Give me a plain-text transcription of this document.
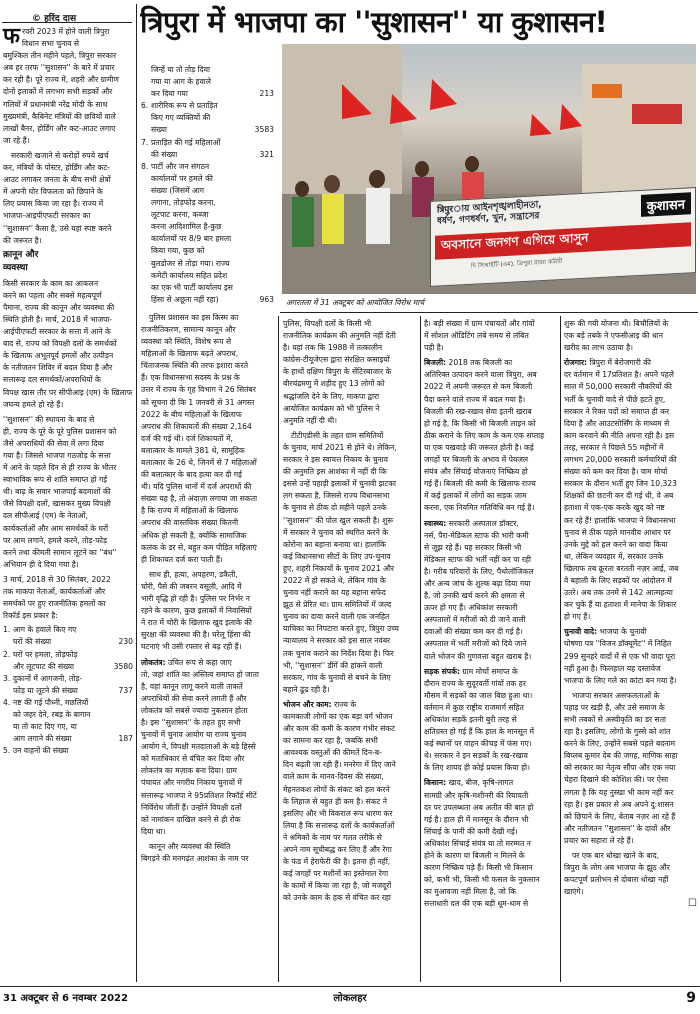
© हरिंद दास	त्रिपुरा में भाजपा का ''सुशासन'' या कुशासन!
त्रिपुरায় আইনশৃঙ্খলাহীনতা,
ধর্ষণ, গণধর্ষণ, খুন, সন্ত্রাসের
कुशासन
অবসানে জনগণ এগিয়ে আসুন
দি সিআইটি (এম), ত্রিপুরা রাজ্য কমিটি
अगरतला में 31 अक्टूबर को आयोजित विरोध मार्च

फरवरी 2023 में होने वाली त्रिपुरा
विधान सभा चुनाव से
बमुश्किल तीन महीने पहले, त्रिपुरा सरकार
अब हर तरफ ''सुशासन'' के बारे में प्रचार
कर रही है। पूरे राज्य में, शहरी और ग्रामीण
दोनों इलाकों में लगभग सभी सड़कों और
गलियों में प्रधानमंत्री नरेंद्र मोदी के साथ
मुख्यमंत्री, कैबिनेट मंत्रियों की छवियों वाले
लाखों बैनर, होर्डिंग और कट-आउट लगाए
जा रहे हैं।

सरकारी खजाने से करोड़ों रुपये खर्च
कर, मंत्रियों के पोस्टर, होर्डिंग और कट-
आउट लगाकर जनता के बीच सभी क्षेत्रों
में अपनी घोर विफलता को छिपाने के
लिए प्रयास किया जा रहा है। राज्य में
भाजपा-आइपीएफटी सरकार का
''सुशासन'' कैसा है, उसे यहां स्पष्ट करने
की जरूरत है।

क़ानून और
व्यवस्था

किसी सरकार के काम का आकलन
करने का पहला और सबसे महत्वपूर्ण
पैमाना, राज्य की कानून और व्यवस्था की
स्थिति होती है। मार्च, 2018 में भाजपा-
आईपीएफटी सरकार के सत्ता में आने के
बाद से, राज्य को विपक्षी दलों के समर्थकों
के खिलाफ अभूतपूर्व हमलों और उत्पीड़न
के नतीजतन शिविर में बदल दिया है और
सत्तारूढ़ दल समर्थकों/अपराधियों के
विपक्ष खास तौर पर सीपीआइ (एम) के खिलाफ
जघन्य हमले हो रहे हैं।

''सुशासन'' की स्थापना के बाद से
ही, राज्य के पूरे के पूरे पुलिस प्रशासन को
जैसे अपराधियों की सेवा में लगा दिया
गया है। जिससे भाजपा गठजोड़ के सत्ता
में आने के पहले दिन से ही राज्य के भीतर
स्वाभाविक रूप से शांति समाप्त हो गई
थी। बाढ़ के सवार भाजपाई बदमाशों की
जैसे विपक्षी दलों, खासकर मुख्य विपक्षी
दल सीपीआई (एम) के नेताओं,
कार्यकर्ताओं और आम समर्थकों के घरों
पर आम लगाने, हमले करने, तोड़-फोड़
करने तथा कीमती सामान लूटने का ''बंध''
अभियान ही दे दिया गया है।

3 मार्च, 2018 से 30 सितंबर, 2022
तक माकपा नेताओं, कार्यकर्ताओं और
समर्थकों पर हुए राजनीतिक हमलों का
रिकॉर्ड इस प्रकार है:

1. आग के हवाले किए गए
घरों की संख्या	230
2. घरों पर हमला, तोड़फोड़
और लूटपाट की संख्या	3580
3. दुकानों में आगजनी, तोड़-
फोड़ या लूटने की संख्या	737
4. नष्ट की गई पौध्नी, मछलियों
को जहर देने, रबड़ के बागान
या तो काट दिए गए, या
आग लगाने की संख्या	187
5. उन वाहनों की संख्या
जिन्हें या तो तोड़ दिया
गया या आग के हवाले
कर दिया गया	213
6. शारीरिक रूप से प्रताड़ित
किए गए व्यक्तियों की
संख्या	3583
7. प्रताड़ित की गई महिलाओं
की संख्या	321
8. पार्टी और जन संगठन
कार्यालयों पर हमले की
संख्या (जिसमें आग
लगाना, तोड़फोड़ करना,
लूटपाट करना, कब्जा
करना आदिशामिल है-कुछ
कार्यालयों पर 8/9 बार हमला
किया गया, कुछ को
बुलडोजर से तोड़ा गया। राज्य
कमेटी कार्यालय सहित प्रदेश
का एक भी पार्टी कार्यालय इस
हिंसा से अछूता नहीं रहा)	963

पुलिस प्रशासन का इस किस्म का
राजनीतिकरण, सामान्य कानून और
व्यवस्था को स्थिति, विशेष रूप से
महिलाओं के खिलाफ बढ़ते अपराध,
चिंताजनक स्थिति की तरफ इशारा करते
हैं। एक विधानसभा सदस्य के प्रश्न के
उत्तर में राज्य के गृह विभाग ने 26 सितंबर
को सूचना दी कि 1 जनवरी से 31 अगस्त
2022 के बीच महिलाओं के खिलाफ
अपराध की शिकायतों की संख्या 2,164
दर्ज की गई थी। दर्ज शिकायतों में,
बलात्कार के मामले 381 थे, सामूहिक
बलात्कार के 26 थे, जिनमें से 7 महिलाओं
की बलात्कार के बाद हत्या कर दी गई
थी। यदि पुलिस थानों में दर्ज अपराधों की
संख्या यह है, तो अंदाज़ा लगाया जा सकता
है कि राज्य में महिलाओं के खिलाफ
अपराध की वास्तविक संख्या कितनी
अधिक हो सकती है, क्योंकि सामाजिक
कलंक के डर से, बहुत कम पीड़ित महिलाएं
ही शिकायत दर्ज करा पाती हैं।

साथ ही, हत्या, अपहरण, डकैती,
चोरी, पैसे की जबरन वसूली, आदि में
भारी वृद्धि हो रही है। पुलिस पर निर्भर न
रहने के कारण, कुछ इलाकों में निवासियों
ने रात में चोरी के खिलाफ खुद इलाके की
सुरक्षा की व्यवस्था की है। घरेलू हिंसा की
घटनाएं भी उसी रफ्तार से बढ़ रही हैं।

लोकतंत्र: उचित रूप से कहा जाए
तो, जहां शांति का अस्तित्व समाप्त हो जाता
है, वहां कानून लागू करने वाली ताकतें
अपराधियों की सेवा करने लगती हैं और
लोकतंत्र को सबसे ज्यादा नुकसान होता
है। इस ''सुशासन'' के तहत हुए सभी
चुनावों में चुनाव आयोग या राज्य चुनाव
आयोग ने, विपक्षी मतदाताओं के बड़े हिस्से
को मताधिकार से वंचित कर दिया और
लोकतंत्र का मज़ाक बना दिया। ग्राम
पंचायत और नगरीय निकाय चुनावों में
सत्तारूढ़ भाजपा ने 95प्रतिशत रिकॉर्ड सीटें
निर्विरोध जीतीं हैं। उन्होंने विपक्षी दलों
को नामांकन दाखिल करने से ही रोक
दिया था।

कानून और व्यवस्था की स्थिति
बिगड़ने की मनगढ़ंत आशंका के नाम पर

पुलिस, विपक्षी दलों के किसी भी
राजनीतिक कार्यक्रम की अनुमति नहीं देती
है। यहां तक कि 1988 में तत्कालीन
कांग्रेस-टीयूजेएस द्वारा संरक्षित कसाइयों
के हाथों दक्षिण त्रिपुरा के सेंटिरबाजार के
बीरचंद्रमणु में शहीद हुए 13 लोगों को
श्रद्धांजलि देने के लिए, माकपा द्वारा
आयोजित कार्यक्रम को भी पुलिस ने
अनुमति नहीं दी थी।

टीटीएडीसी के तहत ग्राम समितियों
के चुनाव, मार्च 2021 से होने थे। लेकिन,
सरकार ने इस स्वायत्त निकाय के चुनाव
की अनुमति इस आशंका में नहीं दी कि
इससे उन्हें पहाड़ी इलाकों में चुनावी झटका
लग सकता है, जिससे राज्य विधानसभा
के चुनाव से ठीक दो महीने पहले उनके
''सुशासन'' की पोल खुल सकती है। शुरू
में सरकार ने चुनाव को स्थगित करने के
कोरोना का बहाना बनाया था। हालांकि
कई विधानसभा सीटों के लिए उप-चुनाव
हुए, शहरी निकायों के चुनाव 2021 और
2022 में हो सकते थे, लेकिन गांव के
चुनाव नहीं कराने का यह बहाना सफेद
झूठ से प्रेरित था। ग्राम समितियों में जल्द
चुनाव का दावा करने वाली एक जनहित
याचिका का निपटारा करते हुए, त्रिपुरा उच्च
न्यायालय ने सरकार को इस साल नवंबर
तक चुनाव कराने का निर्देश दिया है। फिर
भी, ''सुशासन'' डींगें की हांकने वाली
सरकार, गांव के चुनावों से बचने के लिए
बहाने ढूंढ रही है।

भोजन और काम: राज्य के
कामकाजी लोगों का एक बड़ा वर्ग भोजन
और काम की कमी के कारण गंभीर संकट
का सामना कर रहा है, जबकि सभी
आवश्यक वस्तुओं की कीमतें दिन-ब-
दिन बढ़ती जा रही हैं। मनरेगा में दिए जाने
वाले काम के मानव-दिवस की संख्या,
मेहनतकश लोगों के संकट को हल करने
के लिहाज से बहुत ही कम है। संकट ने
इसलिए और भी विकराल रूप धारण कर
लिया है कि सत्तारूढ़ दलों के कार्यकर्ताओं
ने श्रमिकों के नाम पर गलत तरीके से
अपने नाम सूचीबद्ध कर लिए हैं और रेगा
के फंड में हेराफेरी की है। इतना ही नहीं,
कई जगहों पर मशीनों का इस्तेमाल रेगा
के कामों में किया जा रहा है, जो मजदूरों
को उनके काम के हक से वंचित कर रहा

है। बड़ी संख्या में ग्राम पंचायतों और गांवों
में सोशल ऑडिटिंग लंबे समय से लंबित
पड़ी है।

बिजली: 2018 तक बिजली का
अतिरिक्त उत्पादन करने वाला त्रिपुरा, अब
2022 में अपनी जरूरत से कम बिजली
पैदा करने वाले राज्य में बदल गया है।
बिजली की रख-रखाव सेवा इतनी खराब
हो गई है, कि किसी भी बिजली लाइन को
ठीक कराने के लिए काम के कम एक सप्ताह
या एक पखवाड़े की जरूरत होती है। कई
जगहों पर बिजली के अभाव में पेयजल
संयंत्र और सिंचाई योजनाएं निष्क्रिय हो
गई हैं। बिजली की कमी के खिलाफ राज्य
में कई इलाकों में लोगों का सड़क जाम
करना, एक नियमित गतिविधि बन गई है।

स्वास्थ्य: सरकारी अस्पताल डॉक्टर,
नर्स, पैरा-मेडिकल स्टाफ की भारी कमी
से जूझ रहे हैं। यह सरकार किसी भी
मेडिकल स्टाफ की भर्ती नहीं कर पा रही
है। गरीब परिवारों के लिए, पैथोलॉजिकल
और अन्य जांच के शुल्क बढ़ा दिया गया
है, जो उनकी खर्च करने की क्षमता से
ऊपर हो गए हैं। अधिकांश सरकारी
अस्पतालों में मरीजों को दी जाने वाली
दवाओं की संख्या कम कर दी गई है।
अस्पताल में भर्ती मरीजों को दिये जाने
वाले भोजन की गुणवत्ता बहुत खराब है।

सड़क संपर्क: ग्राम मोचों समाप्त के
दौरान राज्य के सुदूरवर्ती गांवों तक हर
मौसम में सड़कों का जाल बिछ हुआ था।
वर्तमान में कुछ राष्ट्रीय राजमार्ग सहित
अधिकांश सड़कें इतनी बुरी तरह से
क्षतिग्रस्त हो गई हैं कि हाल के मानसून में
कई स्थानों पर वाहन कीचड़ में फंस गए।
थे। सरकार ने इन सड़कों के रख-रखाव
के लिए शायद ही कोई प्रयास किया हो।

किसान: खाद, बीज, कृषि-लागत
सामग्री और कृषि-मशीनरी की रियायती
दर पर उपलब्धता अब अतीत की बात हो
गई है। हाल ही में मानसून के दौरान भी
सिंचाई के पानी की कमी देखी गई।
अधिकांश सिंचाई संयंत्र या तो मरम्मत न
होने के कारण या बिजली न मिलने के
कारण निष्क्रिय पड़े हैं। किसी भी किसान
को, कभी भी, किसी भी फसल के नुकसान
का मुआवजा नहीं मिला है, जो कि
सत्ताधारी दल की एक बड़ी धूम-धाम से

शुरू की गयी योजना थी। बिचौलियों के
एक बड़े तबके ने एफसीआइ की धान
खरीद का लाभ उठाया है।

रोजगार: त्रिपुरा में बेरोजगारी की
दर वर्तमान में 17प्रतिशत है। अपने पहले
साल में 50,000 सरकारी नौकरियों की
भर्ती के चुनावी वादे से पीछे हटते हुए,
सरकार ने रिक्त पदों को समाप्त ही कर
दिया है और आउटसोर्सिंग के माध्यम से
काम करवाने की नीति अपना रही है। इस
तरह, सरकार ने पिछले 55 महीनों में
लगभग 20,000 सरकारी कर्मचारियों की
संख्या को कम कर दिया है। वाम मोर्चा
सरकार के दौरान भर्ती हुए जिन 10,323
शिक्षकों की छटनी कर दी गई थी, वे अब
हताशा में एक-एक करके खुद को नष्ट
कर रहे हैं! हालांकि भाजपा ने विधानसभा
चुनाव से ठीक पहले मानवीय आधार पर
उनके मुद्दे को हल करने का वादा किया
था, लेकिन व्यवहार में, सरकार उनके
खिलाफ तब क्रूरता बरतती नज़र आई, जब
वे बहाली के लिए सड़कों पर आंदोलन में
उतरे। अब तक उनमें से 142 आत्महत्या
कर चुके हैं या हताशा में मानेपा के शिकार
हो गए हैं।

चुनावी वादे: भाजपा के चुनावी
घोषणा पत्र ''विजन डॉक्यूमेंट'' में निहित
299 सुनहरे वादों में से एक भी वादा पूरा
नहीं हुआ है। फिलहाल यह दस्तावेज
भाजपा के लिए गले का कांटा बन गया है।

भाजपा सरकार असफलताओं के
पहाड़ पर खड़ी है, और उसे समाज के
सभी तबकों से अस्वीकृति का डर सता
रहा है। इसलिए, लोगों के गुस्से को शांत
करने के लिए, उन्होंने सबसे पहले बदनाम
बिप्लब कुमार देब की जगह, माणिक साहा
को सरकार का नेतृत्व सौंपा और एक नया
चेहरा दिखाने की कोशिश की। पर ऐसा
लगता है कि यह नुस्खा भी काम नहीं कर
रहा है। इस प्रकार से अब अपने दु:शासन
को छिपाने के लिए, बेताब नज़र आ रहे हैं
और नतीजतन ''सुशासन'' के दावों और
प्रचार का सहारा ले रहे हैं।

पर एक बार धोखा खाने के बाद,
त्रिपुरा के लोग अब भाजपा के झूठ और
कपटपूर्ण प्रलोभन से दोबारा धोखा नहीं
खाएंगे।

☐
31 अक्टूबर से 6 नवम्बर 2022	लोकलहर	9
